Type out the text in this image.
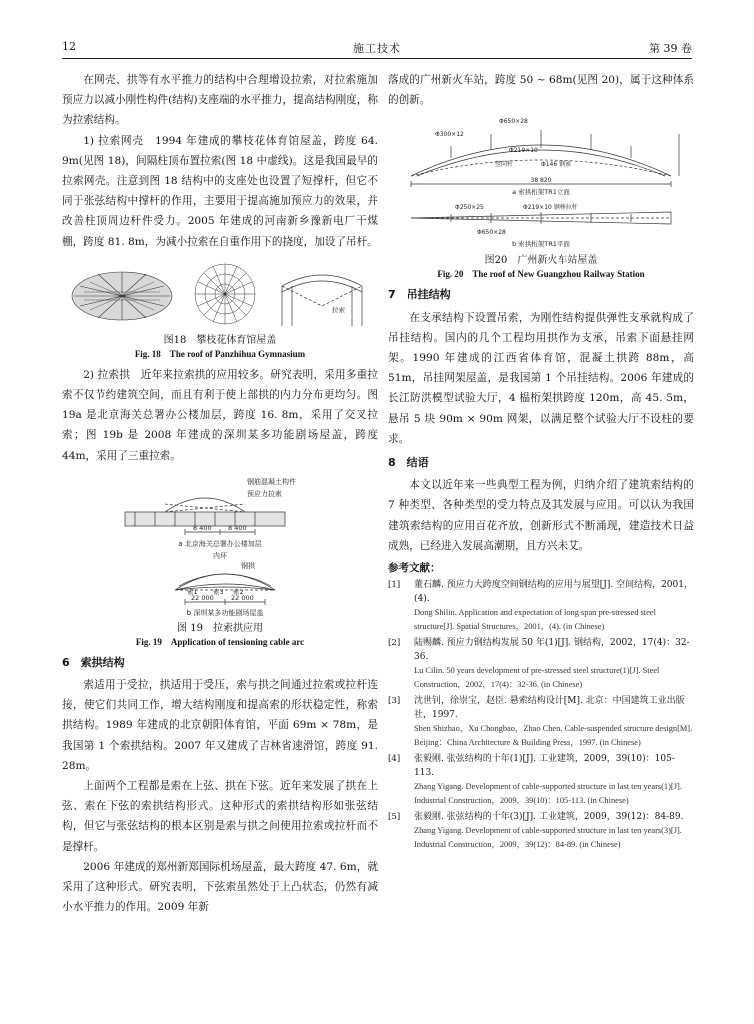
12	施工技术	第 39 卷

在网壳、拱等有水平推力的结构中合理增设拉索，对拉索施加预应力以减小刚性构件(结构)支座端的水平推力，提高结构刚度，称为拉索结构。

1) 拉索网壳　1994 年建成的攀枝花体育馆屋盖，跨度 64. 9m(见图 18)，间隔柱顶布置拉索(图 18 中虚线)。这是我国最早的拉索网壳。注意到图 18 结构中的支座处也设置了短撑杆，但它不同于张弦结构中撑杆的作用，主要用于提高施加预应力的效果，并改善柱顶周边杆件受力。2005 年建成的河南新乡豫新电厂干煤棚，跨度 81. 8m，为减小拉索在自重作用下的挠度，加设了吊杆。

拉索
图18　攀枝花体育馆屋盖
Fig. 18　The roof of Panzhihua Gymnasium

2) 拉索拱　近年来拉索拱的应用较多。研究表明，采用多重拉索不仅节约建筑空间，而且有利于使上部拱的内力分布更均匀。图 19a 是北京海关总署办公楼加层，跨度 16. 8m，采用了交叉拉索；图 19b 是 2008 年建成的深圳某多功能剧场屋盖，跨度 44m，采用了三重拉索。

钢筋混凝土构件
预应力拉索
8 400	8 400
a 北京海关总署办公楼加层
内环
钢拱
索1 索3 索2
22 000	22 000
b 深圳某多功能剧场屋盖
图 19　拉索拱应用
Fig. 19　Application of tensioning cable arc
6　索拱结构

索适用于受拉，拱适用于受压，索与拱之间通过拉索或拉杆连接，使它们共同工作，增大结构刚度和提高索的形状稳定性，称索拱结构。1989 年建成的北京朝阳体育馆，平面 69m × 78m，是我国第 1 个索拱结构。2007 年又建成了吉林省速滑馆，跨度 91. 28m。

上面两个工程都是索在上弦、拱在下弦。近年来发展了拱在上弦、索在下弦的索拱结构形式。这种形式的索拱结构形如张弦结构，但它与张弦结构的根本区别是索与拱之间使用拉索或拉杆而不是撑杆。

2006 年建成的郑州新郑国际机场屋盖，最大跨度 47. 6m，就采用了这种形式。研究表明，下弦索虽然处于上凸状态，仍然有减小水平推力的作用。2009 年新

落成的广州新火车站，跨度 50 ~ 68m(见图 20)，属于这种体系的创新。

Φ650×28
Φ300×12
Φ219×10
Φ146 钢索
竖向杆
38 820
a 索拱桁架TR1立面
Φ250×25	Φ219×10 钢棒拉杆
Φ650×28
b 索拱桁架TR1平面
图20　广州新火车站屋盖
Fig. 20　The roof of New Guangzhou Railway Station
7　吊挂结构

在支承结构下设置吊索，为刚性结构提供弹性支承就构成了吊挂结构。国内的几个工程均用拱作为支承，吊索下面悬挂网架。1990 年建成的江西省体育馆，混凝土拱跨 88m，高 51m，吊挂网架屋盖，是我国第 1 个吊挂结构。2006 年建成的长江防洪模型试验大厅，4 榀桁架拱跨度 120m，高 45. 5m，悬吊 5 块 90m × 90m 网架，以满足整个试验大厅不设柱的要求。

8　结语

本文以近年来一些典型工程为例，归纳介绍了建筑索结构的 7 种类型、各种类型的受力特点及其发展与应用。可以认为我国建筑索结构的应用百花齐放，创新形式不断涌现，建造技术日益成熟，已经进入发展高潮期，且方兴未艾。

参考文献：
[1] 董石麟. 预应力大跨度空间钢结构的应用与展望[J]. 空间结构，2001，(4).
Dong Shilin. Application and expectation of long span pre-stressed steel structure[J]. Spatial Structures，2001，(4). (in Chinese)
[2] 陆赐麟. 预应力钢结构发展 50 年(1)[J]. 钢结构，2002，17(4)：32-36.
Lu Cilin. 50 years development of pre-stressed steel structure(1)[J]. Steel Construction，2002，17(4)：32-36. (in Chinese)
[3] 沈世钊，徐崇宝，赵臣. 悬索结构设计[M]. 北京：中国建筑工业出版社，1997.
Shen Shizhao，Xu Chongbao，Zhao Chen. Cable-suspended structure design[M]. Beijing：China Architecture & Building Press，1997. (in Chinese)
[4] 张毅刚. 张弦结构的十年(1)[J]. 工业建筑，2009，39(10)：105-113.
Zhang Yigang. Development of cable-supported structure in last ten years(1)[J]. Industrial Construction，2009，39(10)：105-113. (in Chinese)
[5] 张毅刚. 张弦结构的十年(3)[J]. 工业建筑，2009，39(12)：84-89.
Zhang Yigang. Development of cable-supported structure in last ten years(3)[J]. Industrial Construction，2009，39(12)：84-89. (in Chinese)
